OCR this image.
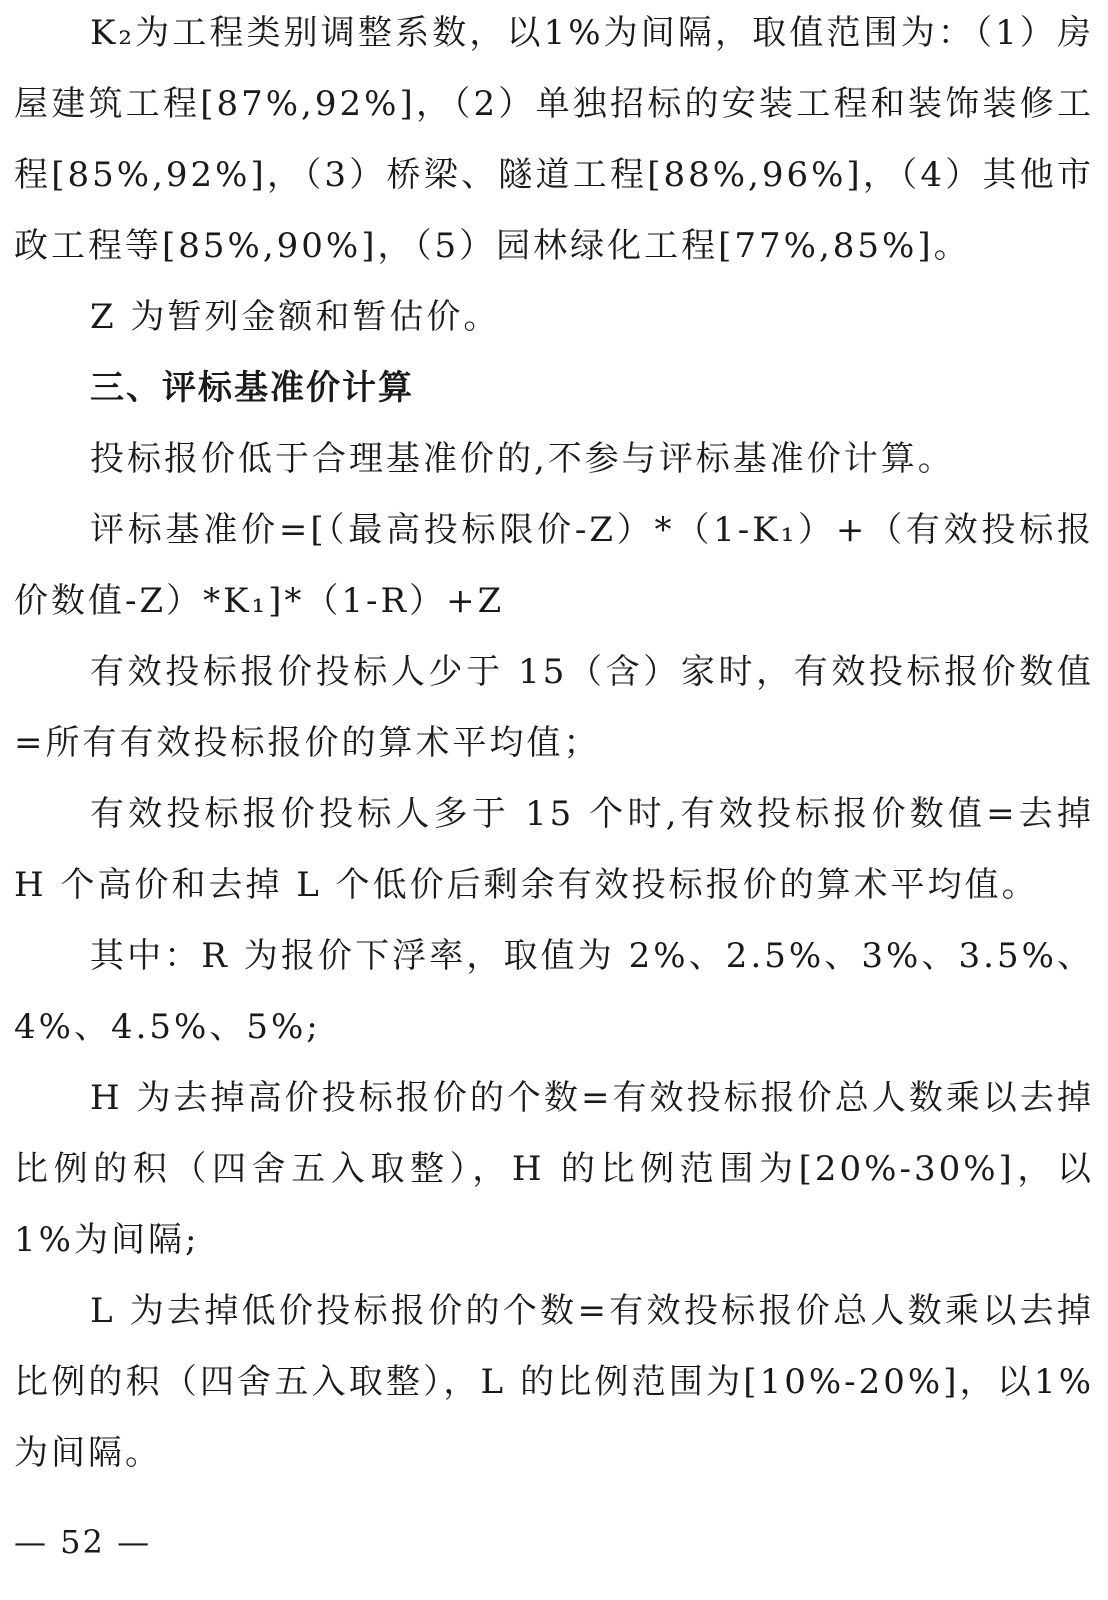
K₂为工程类别调整系数，以1%为间隔，取值范围为：（1）房屋建筑工程[87%,92%]，（2）单独招标的安装工程和装饰装修工程[85%,92%]，（3）桥梁、隧道工程[88%,96%]，（4）其他市政工程等[85%,90%]，（5）园林绿化工程[77%,85%]。

Z 为暂列金额和暂估价。

三、评标基准价计算

投标报价低于合理基准价的,不参与评标基准价计算。

评标基准价=[（最高投标限价-Z）*（1-K₁）+（有效投标报价数值-Z）*K₁]*（1-R）+Z

有效投标报价投标人少于 15（含）家时，有效投标报价数值=所有有效投标报价的算术平均值；

有效投标报价投标人多于 15 个时,有效投标报价数值=去掉 H 个高价和去掉 L 个低价后剩余有效投标报价的算术平均值。

其中：R 为报价下浮率，取值为 2%、2.5%、3%、3.5%、4%、4.5%、5%;

H 为去掉高价投标报价的个数=有效投标报价总人数乘以去掉比例的积（四舍五入取整），H 的比例范围为[20%-30%]，以1%为间隔;

L 为去掉低价投标报价的个数=有效投标报价总人数乘以去掉比例的积（四舍五入取整），L 的比例范围为[10%-20%]，以1%为间隔。

— 52 —
